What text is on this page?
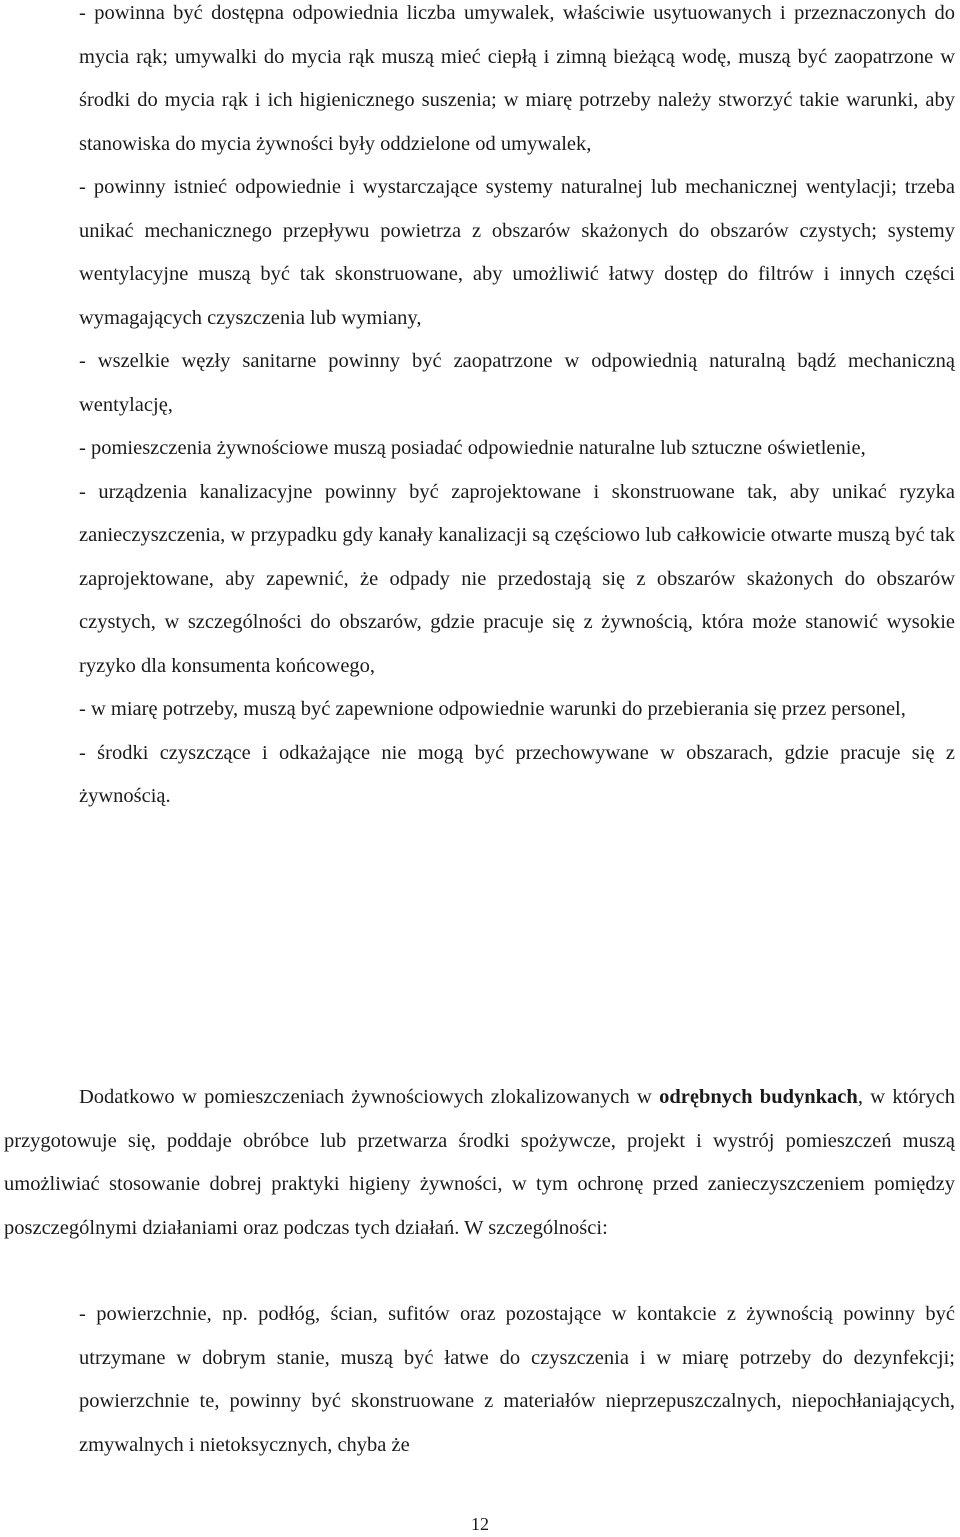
- powinna być dostępna odpowiednia liczba umywalek, właściwie usytuowanych i przeznaczonych do mycia rąk; umywalki do mycia rąk muszą mieć ciepłą i zimną bieżącą wodę, muszą być zaopatrzone w środki do mycia rąk i ich higienicznego suszenia; w miarę potrzeby należy stworzyć takie warunki, aby stanowiska do mycia żywności były oddzielone od umywalek,

- powinny istnieć odpowiednie i wystarczające systemy naturalnej lub mechanicznej wentylacji; trzeba unikać mechanicznego przepływu powietrza z obszarów skażonych do obszarów czystych; systemy wentylacyjne muszą być tak skonstruowane, aby umożliwić łatwy dostęp do filtrów i innych części wymagających czyszczenia lub wymiany,

- wszelkie węzły sanitarne powinny być zaopatrzone w odpowiednią naturalną bądź mechaniczną wentylację,

- pomieszczenia żywnościowe muszą posiadać odpowiednie naturalne lub sztuczne oświetlenie,

- urządzenia kanalizacyjne powinny być zaprojektowane i skonstruowane tak, aby unikać ryzyka zanieczyszczenia, w przypadku gdy kanały kanalizacji są częściowo lub całkowicie otwarte muszą być tak zaprojektowane, aby zapewnić, że odpady nie przedostają się z obszarów skażonych do obszarów czystych, w szczególności do obszarów, gdzie pracuje się z żywnością, która może stanowić wysokie ryzyko dla konsumenta końcowego,

- w miarę potrzeby, muszą być zapewnione odpowiednie warunki do przebierania się przez personel,

- środki czyszczące i odkażające nie mogą być przechowywane w obszarach, gdzie pracuje się z żywnością.

Dodatkowo w pomieszczeniach żywnościowych zlokalizowanych w odrębnych budynkach, w których przygotowuje się, poddaje obróbce lub przetwarza środki spożywcze, projekt i wystrój pomieszczeń muszą umożliwiać stosowanie dobrej praktyki higieny żywności, w tym ochronę przed zanieczyszczeniem pomiędzy poszczególnymi działaniami oraz podczas tych działań. W szczególności:

- powierzchnie, np. podłóg, ścian, sufitów oraz pozostające w kontakcie z żywnością powinny być utrzymane w dobrym stanie, muszą być łatwe do czyszczenia i w miarę potrzeby do dezynfekcji; powierzchnie te, powinny być skonstruowane z materiałów nieprzepuszczalnych, niepochłaniających, zmywalnych i nietoksycznych, chyba że

12
